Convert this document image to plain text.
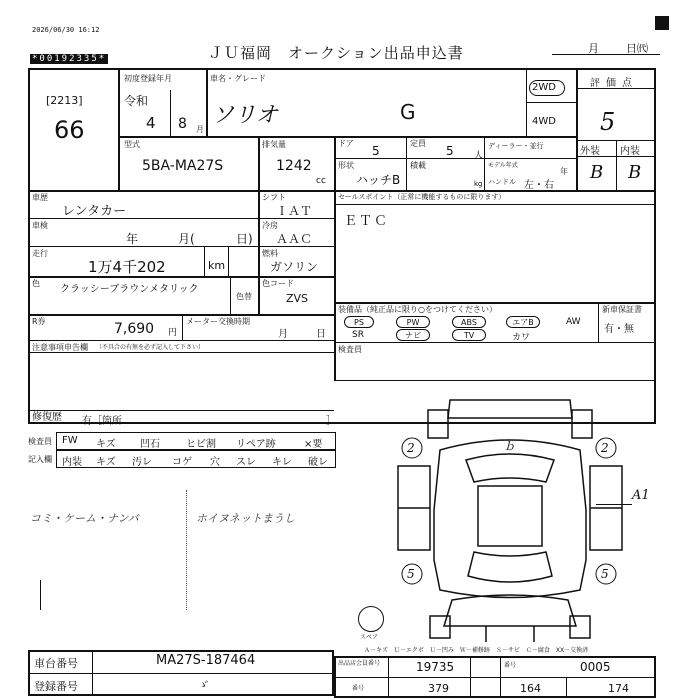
2026/06/30 16:12
ＪＵ福岡　オークション出品申込書	月 日㈹
*00192335*
[2213]
66
初度登録年月
令和
4 8 月
車名・グレード
ソリオ	G
2WD
4WD
型式
5BA-MA27S
排気量
1242
cc
ドア
5
定員
5 人
ディーラー・並行
形状
ハッチB
積載
kg
モデル年式
年
ハンドル 左・右
評価点
5
外装 内装
B B
車歴
レンタカー
シフト
ＩＡＴ
車検
年	月(	日)
冷房
ＡＡＣ
走行
1万4千202	km
燃料
ガソリン
色
クラッシーブラウンメタリック
色替
色コード
ZVS
R券	7,690 円
メーター交換時期
月	日
注意事項申告欄 （不具合の有無を必ず記入して下さい）
修復歴 有［箇所	］
セールスポイント（正常に機能するものに限ります）
ＥＴＣ
装備品（純正品に限り○をつけてください）	新車保証書
有・無
PS	PW	ABS	エアB	AW
SR	ナビ	TV	カワ
検査員
検査員 FW キズ 凹石	ヒビ割 リペア跡	×要
記入欄 内装 キズ 汚レ コゲ 穴 スレ キレ 破レ
コミ・ケーム・ナンバ	ホイヌネットまうし
2	2
5	5
A1
ｂ
スペア
Ａ－キズ　Ｕ－エクボ　Ｕ－凹み　Ｗ－補修跡　Ｓ－サビ　Ｃ－腐食　XX－交換済
車台番号	MA27S-187464
登録番号	ゞ
出品店会員番号	19735	番号	0005
番号	379	164	174
